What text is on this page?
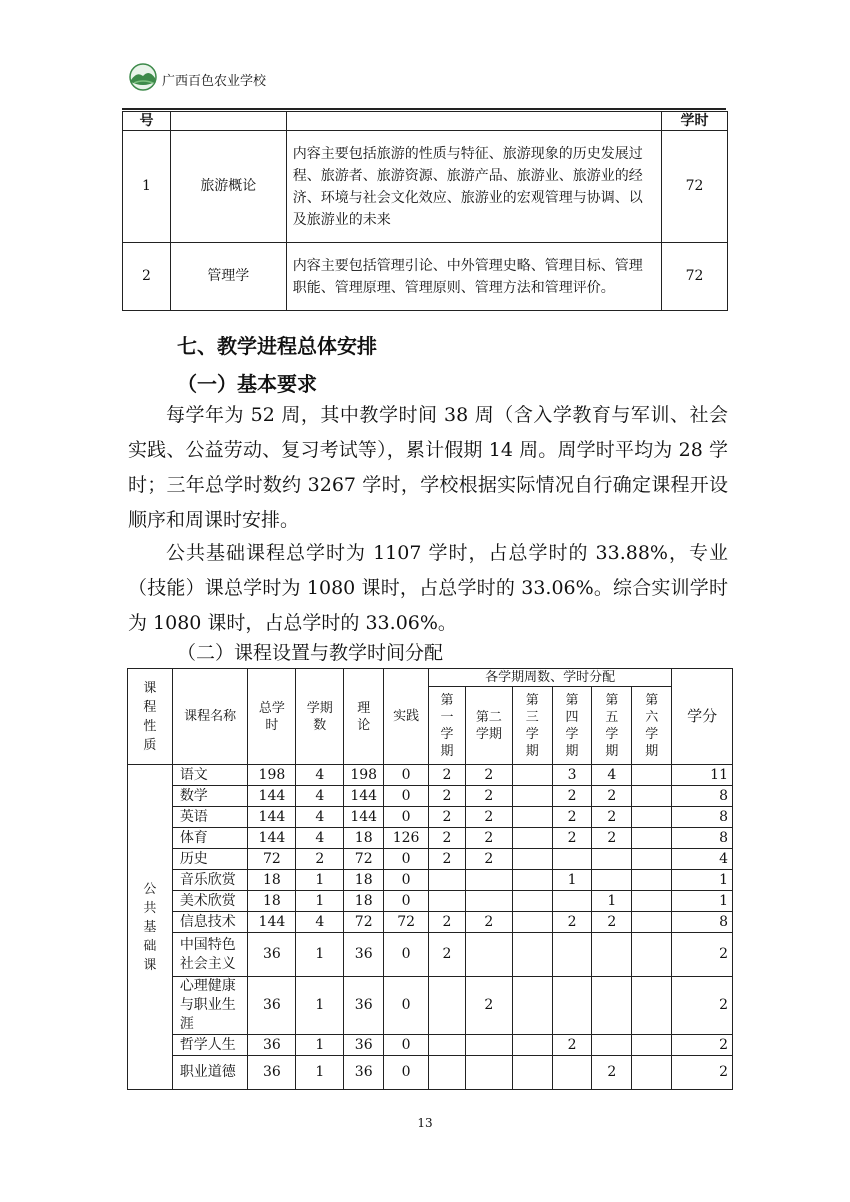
广西百色农业学校
号			学时
1	旅游概论	内容主要包括旅游的性质与特征、旅游现象的历史发展过程、旅游者、旅游资源、旅游产品、旅游业、旅游业的经济、环境与社会文化效应、旅游业的宏观管理与协调、以及旅游业的未来	72
2	管理学	内容主要包括管理引论、中外管理史略、管理目标、管理职能、管理原理、管理原则、管理方法和管理评价。	72
七、教学进程总体安排
（一）基本要求

每学年为 52 周，其中教学时间 38 周（含入学教育与军训、社会实践、公益劳动、复习考试等），累计假期 14 周。周学时平均为 28 学时；三年总学时数约 3267 学时，学校根据实际情况自行确定课程开设顺序和周课时安排。

公共基础课程总学时为 1107 学时，占总学时的 33.88%，专业（技能）课总学时为 1080 课时，占总学时的 33.06%。综合实训学时为 1080 课时，占总学时的 33.06%。

（二）课程设置与教学时间分配
课程性质	课程名称	总学时	学期数	理论	实践	各学期周数、学时分配						学分

						第一学期	第二学期	第三学期	第四学期	第五学期	第六学期	

公共基础课	语文	198	4	198	0	2	2		3	4		11
	数学	144	4	144	0	2	2		2	2		8
	英语	144	4	144	0	2	2		2	2		8
	体育	144	4	18	126	2	2		2	2		8
	历史	72	2	72	0	2	2					4
	音乐欣赏	18	1	18	0				1			1
	美术欣赏	18	1	18	0					1		1
	信息技术	144	4	72	72	2	2		2	2		8
	中国特色社会主义	36	1	36	0	2						2
	心理健康与职业生涯	36	1	36	0		2					2
	哲学人生	36	1	36	0				2			2
	职业道德	36	1	36	0					2		2
13
